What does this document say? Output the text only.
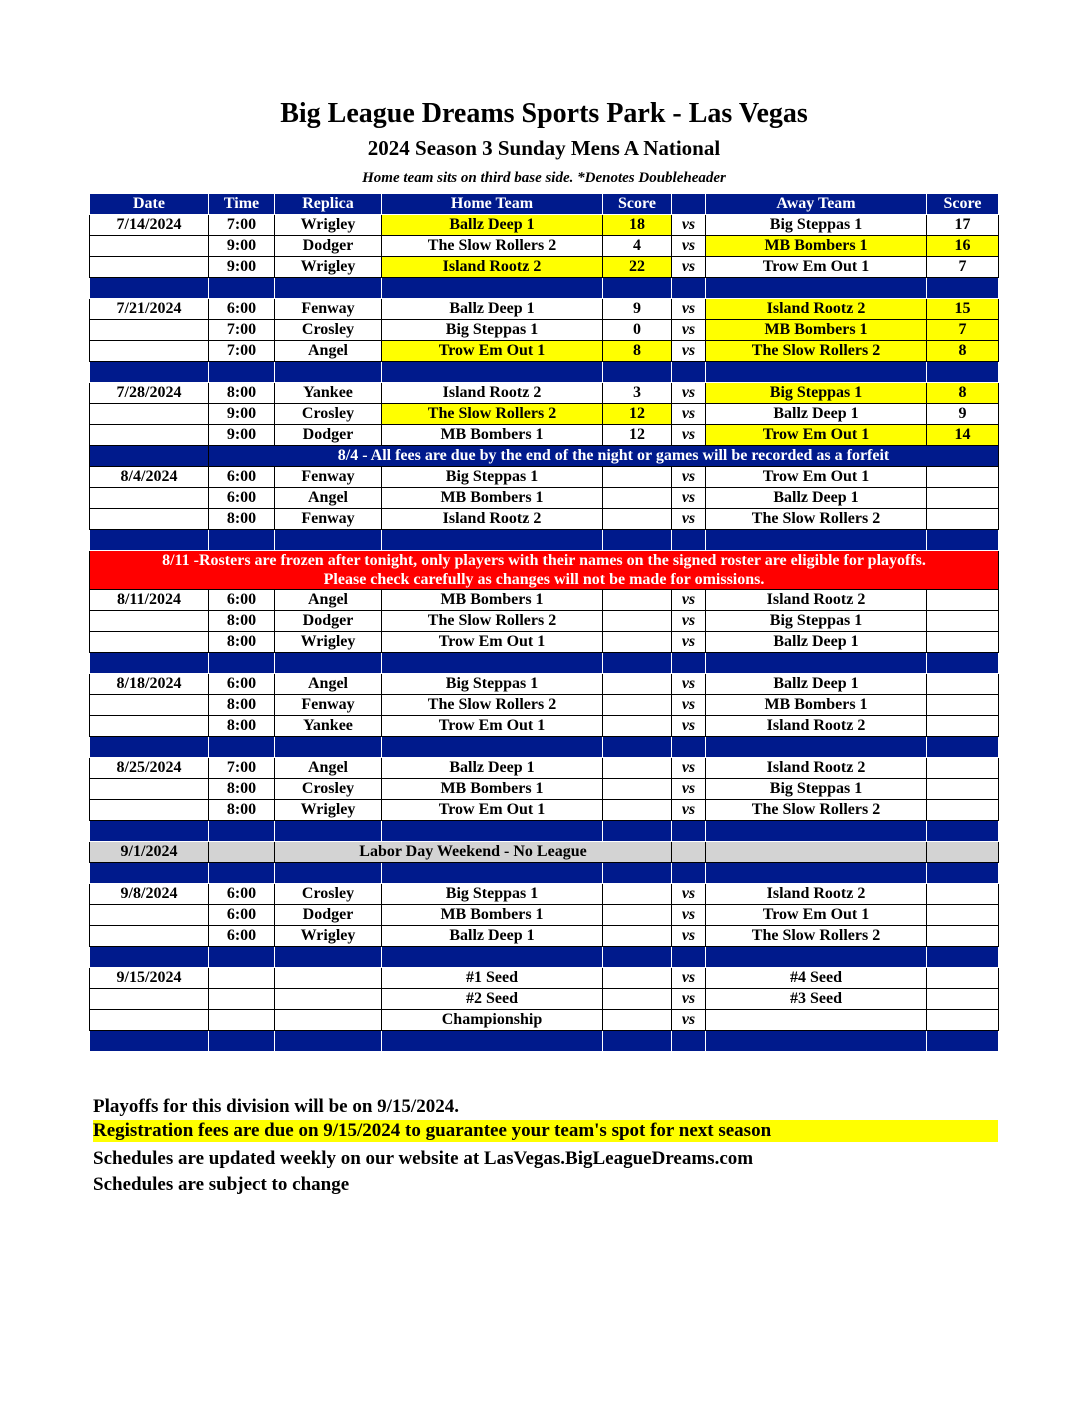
Big League Dreams Sports Park - Las Vegas
2024 Season 3 Sunday Mens A National
Home team sits on third base side. *Denotes Doubleheader
Date	Time	Replica	Home Team	Score		Away Team	Score
7/14/2024	7:00	Wrigley	Ballz Deep 1	18	vs	Big Steppas 1	17
	9:00	Dodger	The Slow Rollers 2	4	vs	MB Bombers 1	16
	9:00	Wrigley	Island Rootz 2	22	vs	Trow Em Out 1	7

7/21/2024	6:00	Fenway	Ballz Deep 1	9	vs	Island Rootz 2	15
	7:00	Crosley	Big Steppas 1	0	vs	MB Bombers 1	7
	7:00	Angel	Trow Em Out 1	8	vs	The Slow Rollers 2	8

7/28/2024	8:00	Yankee	Island Rootz 2	3	vs	Big Steppas 1	8
	9:00	Crosley	The Slow Rollers 2	12	vs	Ballz Deep 1	9
	9:00	Dodger	MB Bombers 1	12	vs	Trow Em Out 1	14
	8/4 - All fees are due by the end of the night or games will be recorded as a forfeit						
8/4/2024	6:00	Fenway	Big Steppas 1		vs	Trow Em Out 1	
	6:00	Angel	MB Bombers 1		vs	Ballz Deep 1	
	8:00	Fenway	Island Rootz 2		vs	The Slow Rollers 2	

8/11 -Rosters are frozen after tonight, only players with their names on the signed roster are eligible for playoffs.
Please check carefully as changes will not be made for omissions.							

8/11/2024	6:00	Angel	MB Bombers 1		vs	Island Rootz 2	
	8:00	Dodger	The Slow Rollers 2		vs	Big Steppas 1	
	8:00	Wrigley	Trow Em Out 1		vs	Ballz Deep 1	

8/18/2024	6:00	Angel	Big Steppas 1		vs	Ballz Deep 1	
	8:00	Fenway	The Slow Rollers 2		vs	MB Bombers 1	
	8:00	Yankee	Trow Em Out 1		vs	Island Rootz 2	

8/25/2024	7:00	Angel	Ballz Deep 1		vs	Island Rootz 2	
	8:00	Crosley	MB Bombers 1		vs	Big Steppas 1	
	8:00	Wrigley	Trow Em Out 1		vs	The Slow Rollers 2	

9/1/2024		Labor Day Weekend - No League					

9/8/2024	6:00	Crosley	Big Steppas 1		vs	Island Rootz 2	
	6:00	Dodger	MB Bombers 1		vs	Trow Em Out 1	
	6:00	Wrigley	Ballz Deep 1		vs	The Slow Rollers 2	

9/15/2024			#1 Seed		vs	#4 Seed	
			#2 Seed		vs	#3 Seed	
			Championship		vs		

Playoffs for this division will be on 9/15/2024.
Registration fees are due on 9/15/2024 to guarantee your team's spot for next season
Schedules are updated weekly on our website at LasVegas.BigLeagueDreams.com
Schedules are subject to change
